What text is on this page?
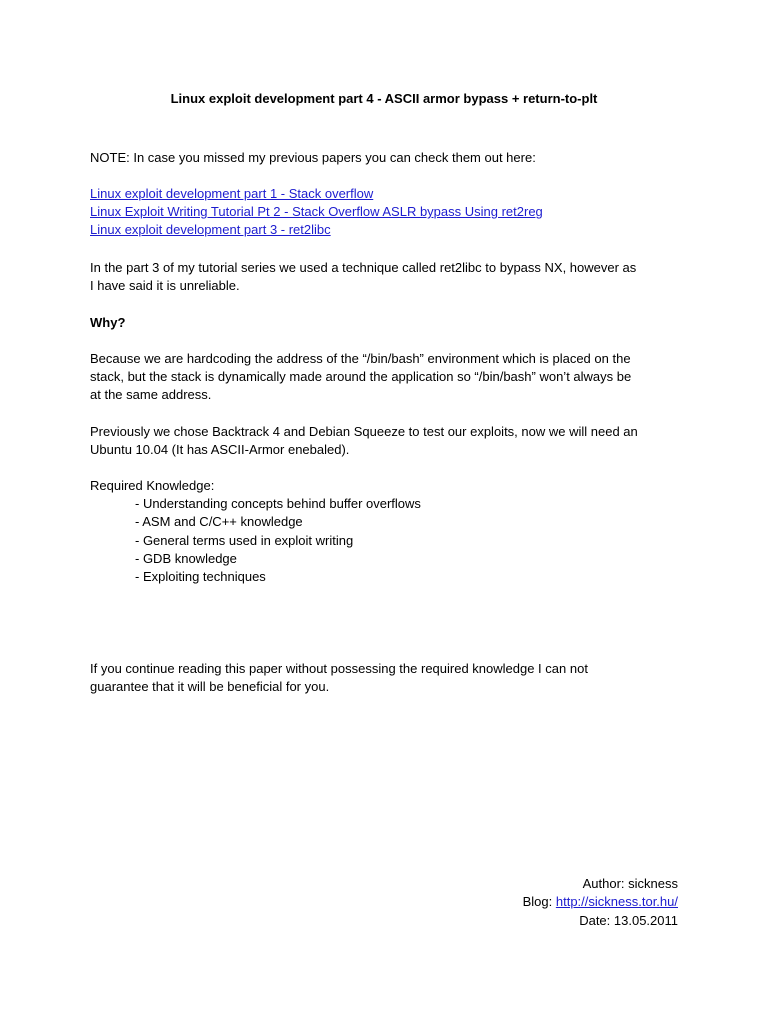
Linux exploit development part 4 - ASCII armor bypass + return-to-plt
NOTE: In case you missed my previous papers you can check them out here:
Linux exploit development part 1 - Stack overflow
Linux Exploit Writing Tutorial Pt 2 - Stack Overflow ASLR bypass Using ret2reg
Linux exploit development part 3 - ret2libc
In the part 3 of my tutorial series we used a technique called ret2libc to bypass NX, however as
I have said it is unreliable.
Why?
Because we are hardcoding the address of the “/bin/bash” environment which is placed on the
stack, but the stack is dynamically made around the application so “/bin/bash” won’t always be
at the same address.
Previously we chose Backtrack 4 and Debian Squeeze to test our exploits, now we will need an
Ubuntu 10.04 (It has ASCII-Armor enebaled).
Required Knowledge:
- Understanding concepts behind buffer overflows
- ASM and C/C++ knowledge
- General terms used in exploit writing
- GDB knowledge
- Exploiting techniques
If you continue reading this paper without possessing the required knowledge I can not
guarantee that it will be beneficial for you.
Author: sickness
Blog: http://sickness.tor.hu/
Date: 13.05.2011
